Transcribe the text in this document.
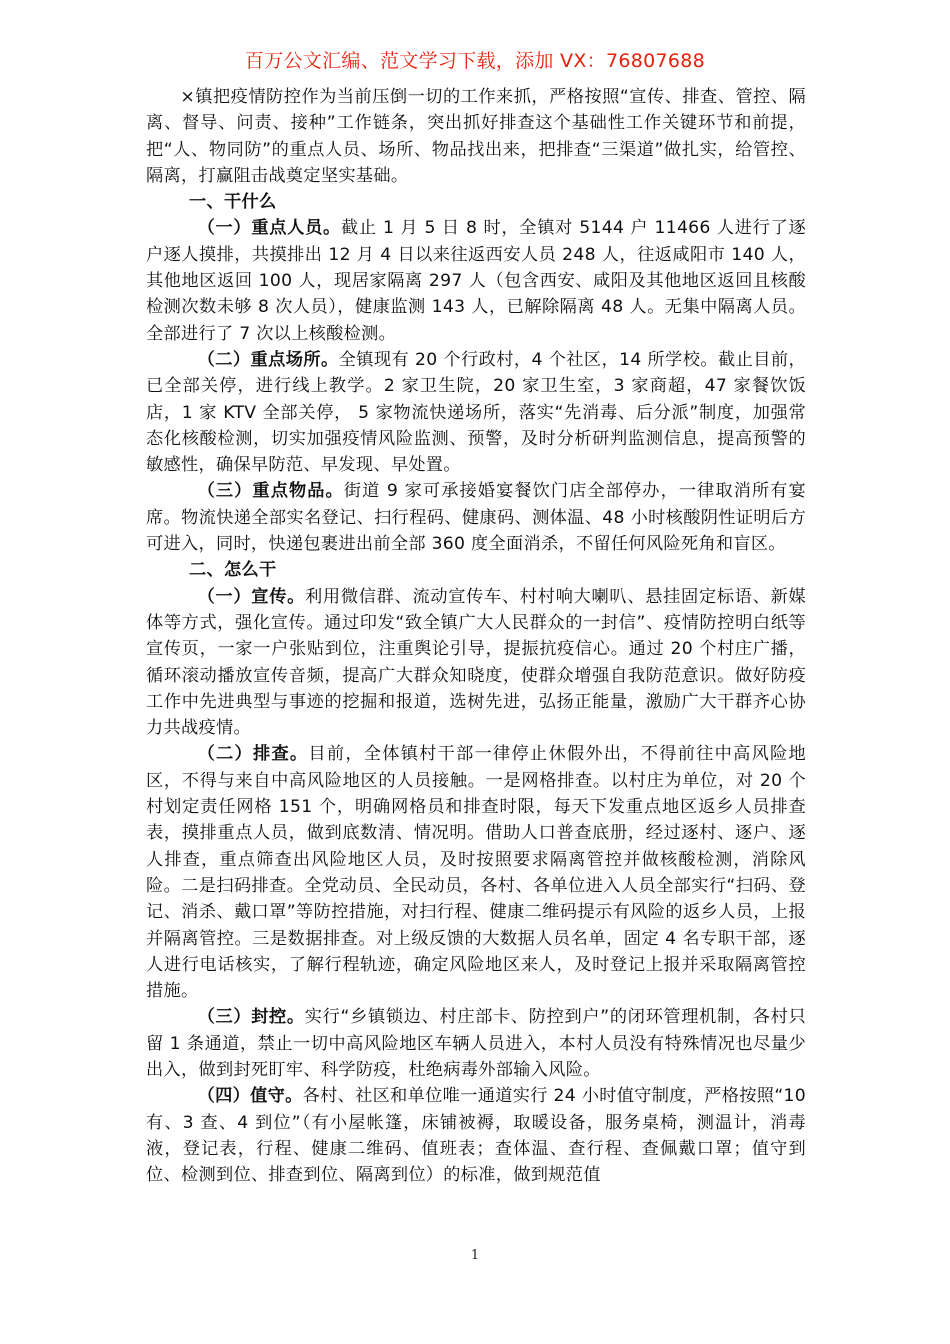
百万公文汇编、范文学习下载，添加 VX：76807688

×镇把疫情防控作为当前压倒一切的工作来抓，严格按照“宣传、排查、管控、隔离、督导、问责、接种”工作链条，突出抓好排查这个基础性工作关键环节和前提，把“人、物同防”的重点人员、场所、物品找出来，把排查“三渠道”做扎实，给管控、隔离，打赢阻击战奠定坚实基础。

一、干什么

（一）重点人员。截止 1 月 5 日 8 时，全镇对 5144 户 11466 人进行了逐户逐人摸排，共摸排出 12 月 4 日以来往返西安人员 248 人，往返咸阳市 140 人，其他地区返回 100 人，现居家隔离 297 人（包含西安、咸阳及其他地区返回且核酸检测次数未够 8 次人员），健康监测 143 人，已解除隔离 48 人。无集中隔离人员。全部进行了 7 次以上核酸检测。

（二）重点场所。全镇现有 20 个行政村，4 个社区，14 所学校。截止目前，已全部关停，进行线上教学。2 家卫生院，20 家卫生室，3 家商超，47 家餐饮饭店，1 家 KTV 全部关停， 5 家物流快递场所，落实“先消毒、后分派”制度，加强常态化核酸检测，切实加强疫情风险监测、预警，及时分析研判监测信息，提高预警的敏感性，确保早防范、早发现、早处置。

（三）重点物品。街道 9 家可承接婚宴餐饮门店全部停办，一律取消所有宴席。物流快递全部实名登记、扫行程码、健康码、测体温、48 小时核酸阴性证明后方可进入，同时，快递包裹进出前全部 360 度全面消杀，不留任何风险死角和盲区。

二、怎么干

（一）宣传。利用微信群、流动宣传车、村村响大喇叭、悬挂固定标语、新媒体等方式，强化宣传。通过印发“致全镇广大人民群众的一封信”、疫情防控明白纸等宣传页，一家一户张贴到位，注重舆论引导，提振抗疫信心。通过 20 个村庄广播，循环滚动播放宣传音频，提高广大群众知晓度，使群众增强自我防范意识。做好防疫工作中先进典型与事迹的挖掘和报道，选树先进，弘扬正能量，激励广大干群齐心协力共战疫情。

（二）排查。目前，全体镇村干部一律停止休假外出，不得前往中高风险地区，不得与来自中高风险地区的人员接触。一是网格排查。以村庄为单位，对 20 个村划定责任网格 151 个，明确网格员和排查时限，每天下发重点地区返乡人员排查表，摸排重点人员，做到底数清、情况明。借助人口普查底册，经过逐村、逐户、逐人排查，重点筛查出风险地区人员，及时按照要求隔离管控并做核酸检测，消除风险。二是扫码排查。全党动员、全民动员，各村、各单位进入人员全部实行“扫码、登记、消杀、戴口罩”等防控措施，对扫行程、健康二维码提示有风险的返乡人员，上报并隔离管控。三是数据排查。对上级反馈的大数据人员名单，固定 4 名专职干部，逐人进行电话核实，了解行程轨迹，确定风险地区来人，及时登记上报并采取隔离管控措施。

（三）封控。实行“乡镇锁边、村庄部卡、防控到户”的闭环管理机制，各村只留 1 条通道，禁止一切中高风险地区车辆人员进入，本村人员没有特殊情况也尽量少出入，做到封死盯牢、科学防疫，杜绝病毒外部输入风险。

（四）值守。各村、社区和单位唯一通道实行 24 小时值守制度，严格按照“10 有、3 查、4 到位”（有小屋帐篷，床铺被褥，取暖设备，服务桌椅，测温计，消毒液，登记表，行程、健康二维码、值班表；查体温、查行程、查佩戴口罩；值守到位、检测到位、排查到位、隔离到位）的标准，做到规范值

1
